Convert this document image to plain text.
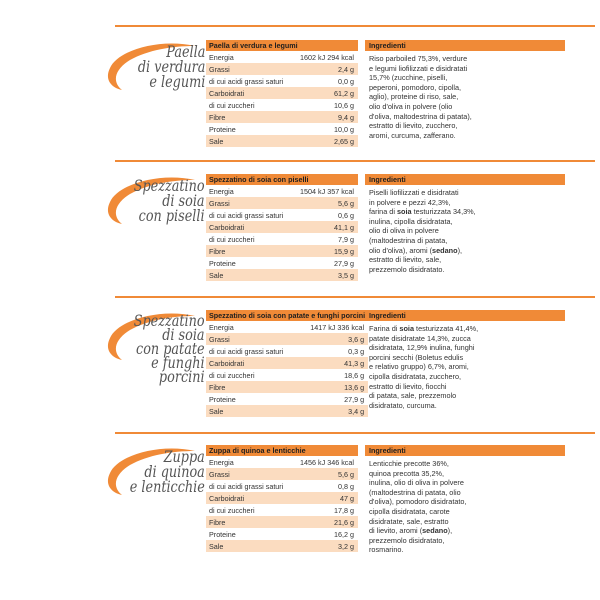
Paella
di verdura
e legumi
Paella di verdura e legumi	
Energia	1602 kJ 294 kcal
Grassi	2,4 g
di cui acidi grassi saturi	0,0 g
Carboidrati	61,2 g
di cui zuccheri	10,6 g
Fibre	9,4 g
Proteine	10,0 g
Sale	2,65 g
Ingredienti

Riso parboiled 75,3%, verdure

e legumi liofilizzati e disidratati

15,7% (zucchine, piselli,

peperoni, pomodoro, cipolla,

aglio), proteine di riso, sale,

olio d'oliva in polvere (olio

d'oliva, maltodestrina di patata),

estratto di lievito, zucchero,

aromi, curcuma, zafferano.

Spezzatino
di soia
con piselli
Spezzatino di soia con piselli	
Energia	1504 kJ 357 kcal
Grassi	5,6 g
di cui acidi grassi saturi	0,6 g
Carboidrati	41,1 g
di cui zuccheri	7,9 g
Fibre	15,9 g
Proteine	27,9 g
Sale	3,5 g
Ingredienti

Piselli liofilizzati e disidratati

in polvere e pezzi 42,3%,

farina di soia testurizzata 34,3%,

inulina, cipolla disidratata,

olio di oliva in polvere

(maltodestrina di patata,

olio d'oliva), aromi (sedano),

estratto di lievito, sale,

prezzemolo disidratato.

Spezzatino
di soia
con patate
e funghi
porcini
Spezzatino di soia con patate e funghi porcini	
Energia	1417 kJ 336 kcal
Grassi	3,6 g
di cui acidi grassi saturi	0,3 g
Carboidrati	41,3 g
di cui zuccheri	18,6 g
Fibre	13,6 g
Proteine	27,9 g
Sale	3,4 g
Ingredienti

Farina di soia testurizzata 41,4%,

patate disidratate 14,3%, zucca

disidratata, 12,9% inulina, funghi

porcini secchi (Boletus edulis

e relativo gruppo) 6,7%, aromi,

cipolla disidratata, zucchero,

estratto di lievito, fiocchi

di patata, sale, prezzemolo

disidratato, curcuma.

Zuppa
di quinoa
e lenticchie
Zuppa di quinoa e lenticchie	
Energia	1456 kJ 346 kcal
Grassi	5,6 g
di cui acidi grassi saturi	0,8 g
Carboidrati	47 g
di cui zuccheri	17,8 g
Fibre	21,6 g
Proteine	16,2 g
Sale	3,2 g
Ingredienti

Lenticchie precotte 36%,

quinoa precotta 35,2%,

inulina, olio di oliva in polvere

(maltodestrina di patata, olio

d'oliva), pomodoro disidratato,

cipolla disidratata, carote

disidratate, sale, estratto

di lievito, aromi (sedano),

prezzemolo disidratato,

rosmarino.
